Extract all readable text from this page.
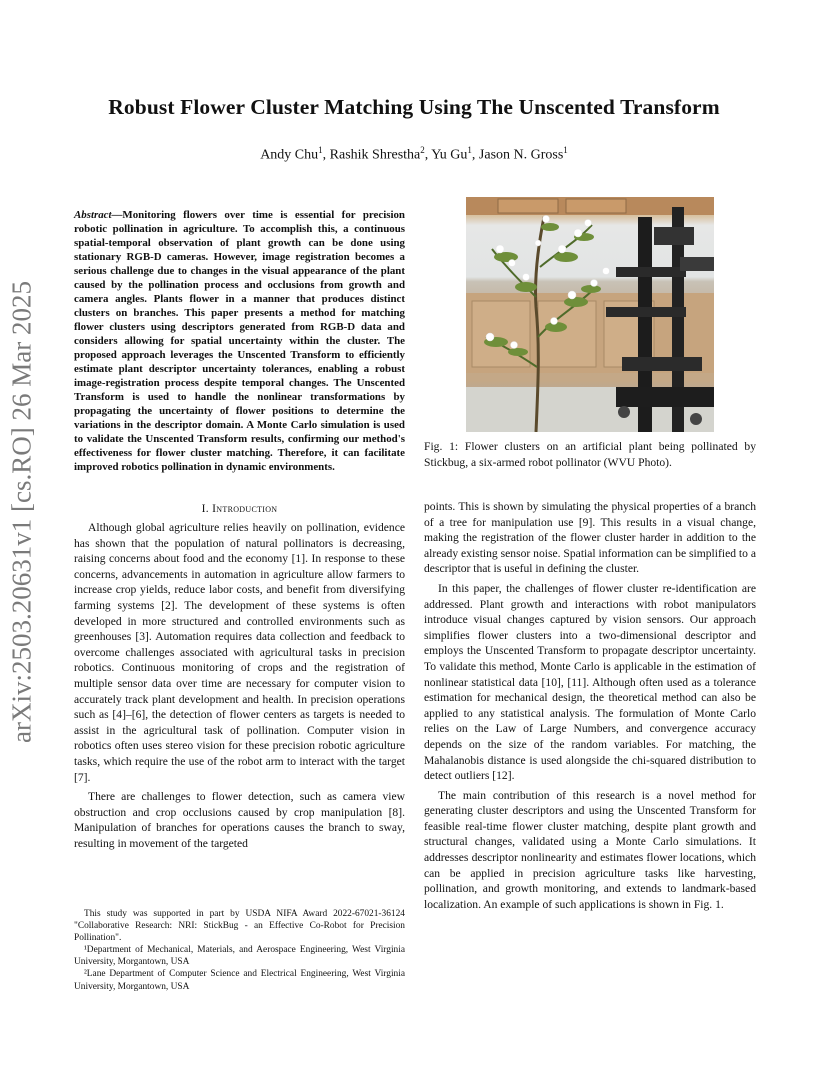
arXiv:2503.20631v1 [cs.RO] 26 Mar 2025
Robust Flower Cluster Matching Using The Unscented Transform
Andy Chu$^1$, Rashik Shrestha$^2$, Yu Gu$^1$, Jason N. Gross$^1$
Abstract—Monitoring flowers over time is essential for precision robotic pollination in agriculture. To accomplish this, a continuous spatial-temporal observation of plant growth can be done using stationary RGB-D cameras. However, image registration becomes a serious challenge due to changes in the visual appearance of the plant caused by the pollination process and occlusions from growth and camera angles. Plants flower in a manner that produces distinct clusters on branches. This paper presents a method for matching flower clusters using descriptors generated from RGB-D data and considers allowing for spatial uncertainty within the cluster. The proposed approach leverages the Unscented Transform to efficiently estimate plant descriptor uncertainty tolerances, enabling a robust image-registration process despite temporal changes. The Unscented Transform is used to handle the nonlinear transformations by propagating the uncertainty of flower positions to determine the variations in the descriptor domain. A Monte Carlo simulation is used to validate the Unscented Transform results, confirming our method's effectiveness for flower cluster matching. Therefore, it can facilitate improved robotics pollination in dynamic environments.
I. Introduction

Although global agriculture relies heavily on pollination, evidence has shown that the population of natural pollinators is decreasing, raising concerns about food and the economy [1]. In response to these concerns, advancements in automation in agriculture allow farmers to increase crop yields, reduce labor costs, and benefit from diversifying farming systems [2]. The development of these systems is often developed in more structured and controlled environments such as greenhouses [3]. Automation requires data collection and feedback to overcome challenges associated with agricultural tasks in precision robotics. Continuous monitoring of crops and the registration of multiple sensor data over time are necessary for computer vision to accurately track plant development and health. In precision operations such as [4]–[6], the detection of flower centers as targets is needed to assist in the agricultural task of pollination. Computer vision in robotics often uses stereo vision for these precision robotic agriculture tasks, which require the use of the robot arm to interact with the target [7].

There are challenges to flower detection, such as camera view obstruction and crop occlusions caused by crop manipulation [8]. Manipulation of branches for operations causes the branch to sway, resulting in movement of the targeted

This study was supported in part by USDA NIFA Award 2022-67021-36124 "Collaborative Research: NRI: StickBug - an Effective Co-Robot for Precision Pollination".

¹Department of Mechanical, Materials, and Aerospace Engineering, West Virginia University, Morgantown, USA

²Lane Department of Computer Science and Electrical Engineering, West Virginia University, Morgantown, USA

Fig. 1: Flower clusters on an artificial plant being pollinated by Stickbug, a six-armed robot pollinator (WVU Photo).

points. This is shown by simulating the physical properties of a branch of a tree for manipulation use [9]. This results in a visual change, making the registration of the flower cluster harder in addition to the already existing sensor noise. Spatial information can be simplified to a descriptor that is useful in defining the cluster.

In this paper, the challenges of flower cluster re-identification are addressed. Plant growth and interactions with robot manipulators introduce visual changes captured by vision sensors. Our approach simplifies flower clusters into a two-dimensional descriptor and employs the Unscented Transform to propagate descriptor uncertainty. To validate this method, Monte Carlo is applicable in the estimation of nonlinear statistical data [10], [11]. Although often used as a tolerance estimation for mechanical design, the theoretical method can also be applied to any statistical analysis. The formulation of Monte Carlo relies on the Law of Large Numbers, and convergence accuracy depends on the size of the random variables. For matching, the Mahalanobis distance is used alongside the chi-squared distribution to detect outliers [12].

The main contribution of this research is a novel method for generating cluster descriptors and using the Unscented Transform for feasible real-time flower cluster matching, despite plant growth and structural changes, validated using a Monte Carlo simulations. It addresses descriptor nonlinearity and estimates flower locations, which can be applied in precision agriculture tasks like harvesting, pollination, and growth monitoring, and extends to landmark-based localization. An example of such applications is shown in Fig. 1.
